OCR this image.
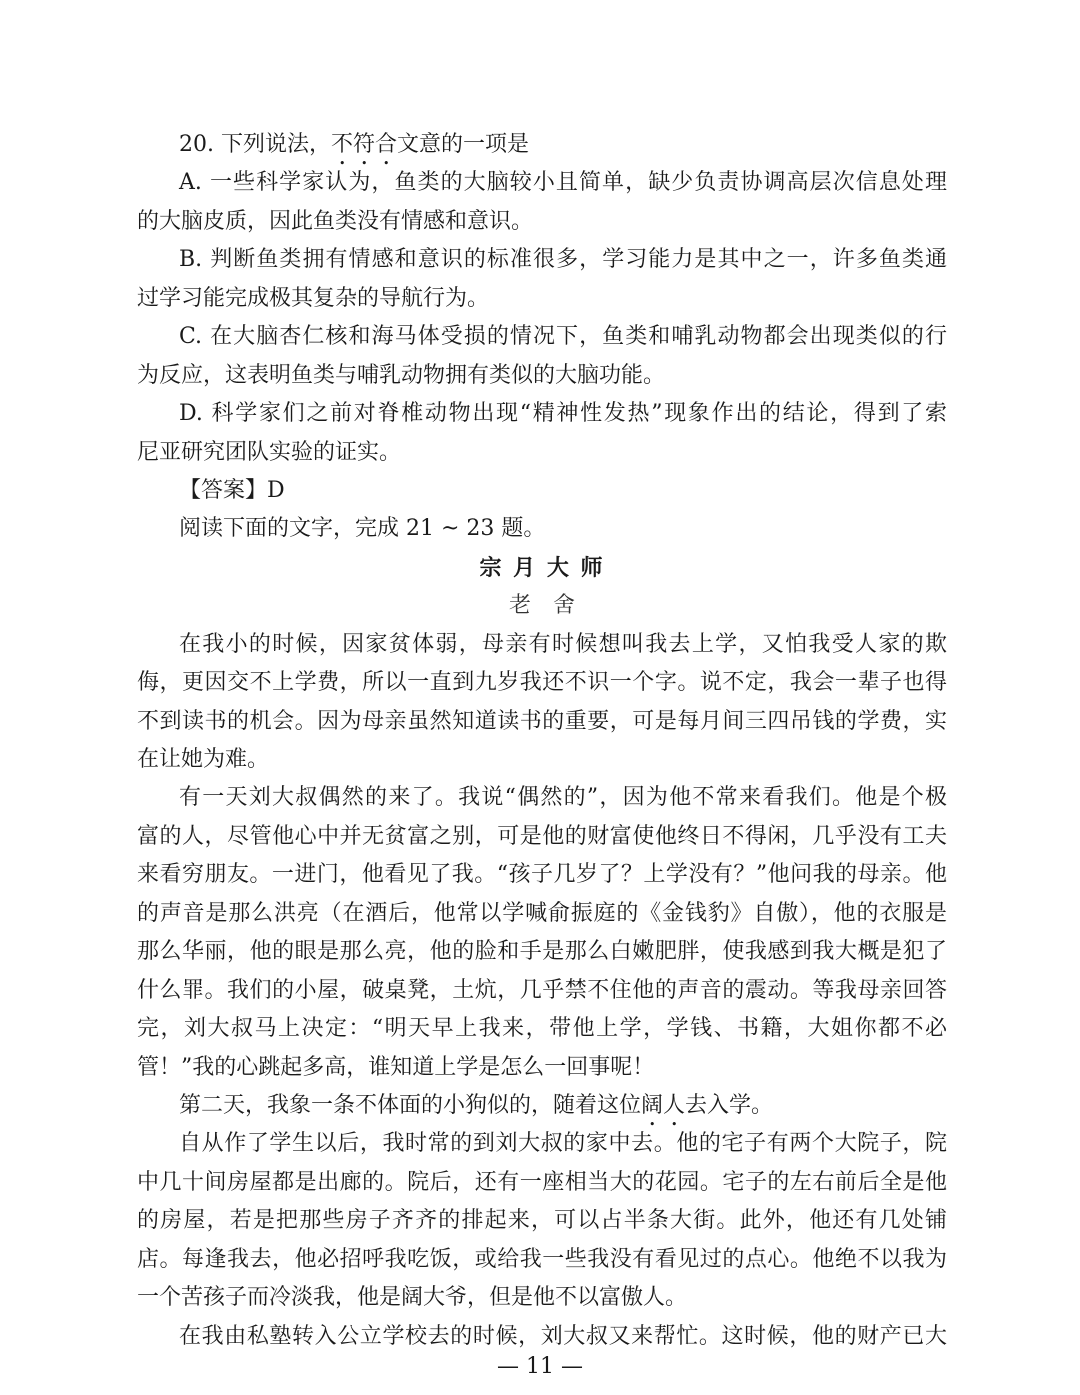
20. 下列说法，不符合文意的一项是
A. 一些科学家认为，鱼类的大脑较小且简单，缺少负责协调高层次信息处理
的大脑皮质，因此鱼类没有情感和意识。
B. 判断鱼类拥有情感和意识的标准很多，学习能力是其中之一，许多鱼类通
过学习能完成极其复杂的导航行为。
C. 在大脑杏仁核和海马体受损的情况下，鱼类和哺乳动物都会出现类似的行
为反应，这表明鱼类与哺乳动物拥有类似的大脑功能。
D. 科学家们之前对脊椎动物出现“精神性发热”现象作出的结论，得到了索
尼亚研究团队实验的证实。
【答案】D
阅读下面的文字，完成 21 ~ 23 题。
宗 月 大 师
老　舍
在我小的时候，因家贫体弱，母亲有时候想叫我去上学，又怕我受人家的欺
侮，更因交不上学费，所以一直到九岁我还不识一个字。说不定，我会一辈子也得
不到读书的机会。因为母亲虽然知道读书的重要，可是每月间三四吊钱的学费，实
在让她为难。
有一天刘大叔偶然的来了。我说“偶然的”，因为他不常来看我们。他是个极
富的人，尽管他心中并无贫富之别，可是他的财富使他终日不得闲，几乎没有工夫
来看穷朋友。一进门，他看见了我。“孩子几岁了？上学没有？”他问我的母亲。他
的声音是那么洪亮（在酒后，他常以学喊俞振庭的《金钱豹》自傲），他的衣服是
那么华丽，他的眼是那么亮，他的脸和手是那么白嫩肥胖，使我感到我大概是犯了
什么罪。我们的小屋，破桌凳，土炕，几乎禁不住他的声音的震动。等我母亲回答
完，刘大叔马上决定：“明天早上我来，带他上学，学钱、书籍，大姐你都不必
管！”我的心跳起多高，谁知道上学是怎么一回事呢！
第二天，我象一条不体面的小狗似的，随着这位阔人去入学。
自从作了学生以后，我时常的到刘大叔的家中去。他的宅子有两个大院子，院
中几十间房屋都是出廊的。院后，还有一座相当大的花园。宅子的左右前后全是他
的房屋，若是把那些房子齐齐的排起来，可以占半条大街。此外，他还有几处铺
店。每逢我去，他必招呼我吃饭，或给我一些我没有看见过的点心。他绝不以我为
一个苦孩子而冷淡我，他是阔大爷，但是他不以富傲人。
在我由私塾转入公立学校去的时候，刘大叔又来帮忙。这时候，他的财产已大
— 11 —
